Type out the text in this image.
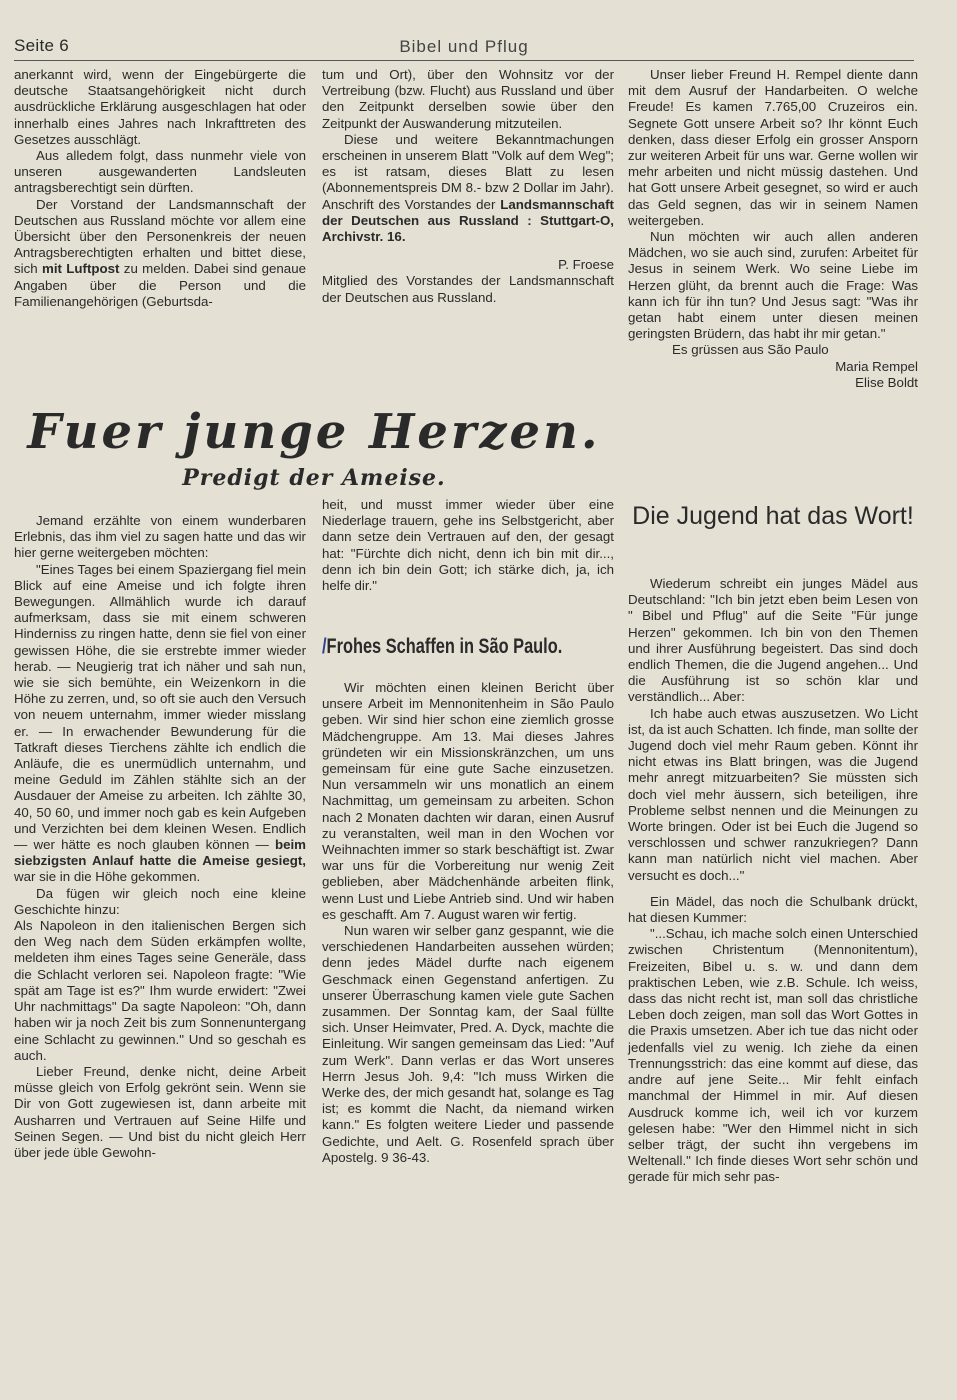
Seite 6	Bibel und Pflug

anerkannt wird, wenn der Eingebürgerte die deutsche Staatsangehörigkeit nicht durch ausdrückliche Erklärung ausgeschlagen hat oder innerhalb eines Jahres nach Inkrafttreten des Gesetzes ausschlägt.

Aus alledem folgt, dass nunmehr viele von unseren ausgewanderten Landsleuten antragsberechtigt sein dürften.

Der Vorstand der Landsmannschaft der Deutschen aus Russland möchte vor allem eine Übersicht über den Personenkreis der neuen Antragsberechtigten erhalten und bittet diese, sich mit Luftpost zu melden. Dabei sind genaue Angaben über die Person und die Familienangehörigen (Geburtsda-

tum und Ort), über den Wohnsitz vor der Vertreibung (bzw. Flucht) aus Russland und über den Zeitpunkt derselben sowie über den Zeitpunkt der Auswanderung mitzuteilen.

Diese und weitere Bekanntmachungen erscheinen in unserem Blatt "Volk auf dem Weg"; es ist ratsam, dieses Blatt zu lesen (Abonnementspreis DM 8.- bzw 2 Dollar im Jahr). Anschrift des Vorstandes der Landsmannschaft der Deutschen aus Russland : Stuttgart-O, Archivstr. 16.

P. Froese

Mitglied des Vorstandes der Landsmannschaft der Deutschen aus Russland.

Unser lieber Freund H. Rempel diente dann mit dem Ausruf der Handarbeiten. O welche Freude! Es kamen 7.765,00 Cruzeiros ein. Segnete Gott unsere Arbeit so? Ihr könnt Euch denken, dass dieser Erfolg ein grosser Ansporn zur weiteren Arbeit für uns war. Gerne wollen wir mehr arbeiten und nicht müssig dastehen. Und hat Gott unsere Arbeit gesegnet, so wird er auch das Geld segnen, das wir in seinem Namen weitergeben.

Nun möchten wir auch allen anderen Mädchen, wo sie auch sind, zurufen: Arbeitet für Jesus in seinem Werk. Wo seine Liebe im Herzen glüht, da brennt auch die Frage: Was kann ich für ihn tun? Und Jesus sagt: "Was ihr getan habt einem unter diesen meinen geringsten Brüdern, das habt ihr mir getan."

Es grüssen aus São Paulo

Maria Rempel

Elise Boldt

Fuer junge Herzen.
Predigt der Ameise.

Jemand erzählte von einem wunderbaren Erlebnis, das ihm viel zu sagen hatte und das wir hier gerne weitergeben möchten:

"Eines Tages bei einem Spaziergang fiel mein Blick auf eine Ameise und ich folgte ihren Bewegungen. Allmählich wurde ich darauf aufmerksam, dass sie mit einem schweren Hinderniss zu ringen hatte, denn sie fiel von einer gewissen Höhe, die sie erstrebte immer wieder herab. — Neugierig trat ich näher und sah nun, wie sie sich bemühte, ein Weizenkorn in die Höhe zu zerren, und, so oft sie auch den Versuch von neuem unternahm, immer wieder misslang er. — In erwachender Bewunderung für die Tatkraft dieses Tierchens zählte ich endlich die Anläufe, die es unermüdlich unternahm, und meine Geduld im Zählen stählte sich an der Ausdauer der Ameise zu arbeiten. Ich zählte 30, 40, 50 60, und immer noch gab es kein Aufgeben und Verzichten bei dem kleinen Wesen. Endlich — wer hätte es noch glauben können — beim siebzigsten Anlauf hatte die Ameise gesiegt, war sie in die Höhe gekommen.

Da fügen wir gleich noch eine kleine Geschichte hinzu:

Als Napoleon in den italienischen Bergen sich den Weg nach dem Süden erkämpfen wollte, meldeten ihm eines Tages seine Generäle, dass die Schlacht verloren sei. Napoleon fragte: "Wie spät am Tage ist es?" Ihm wurde erwidert: "Zwei Uhr nachmittags" Da sagte Napoleon: "Oh, dann haben wir ja noch Zeit bis zum Sonnenuntergang eine Schlacht zu gewinnen." Und so geschah es auch.

Lieber Freund, denke nicht, deine Arbeit müsse gleich von Erfolg gekrönt sein. Wenn sie Dir von Gott zugewiesen ist, dann arbeite mit Ausharren und Vertrauen auf Seine Hilfe und Seinen Segen. — Und bist du nicht gleich Herr über jede üble Gewohn-

heit, und musst immer wieder über eine Niederlage trauern, gehe ins Selbstgericht, aber dann setze dein Vertrauen auf den, der gesagt hat: "Fürchte dich nicht, denn ich bin mit dir..., denn ich bin dein Gott; ich stärke dich, ja, ich helfe dir."

/Frohes Schaffen in São Paulo.

Wir möchten einen kleinen Bericht über unsere Arbeit im Mennonitenheim in São Paulo geben. Wir sind hier schon eine ziemlich grosse Mädchengruppe. Am 13. Mai dieses Jahres gründeten wir ein Missionskränzchen, um uns gemeinsam für eine gute Sache einzusetzen. Nun versammeln wir uns monatlich an einem Nachmittag, um gemeinsam zu arbeiten. Schon nach 2 Monaten dachten wir daran, einen Ausruf zu veranstalten, weil man in den Wochen vor Weihnachten immer so stark beschäftigt ist. Zwar war uns für die Vorbereitung nur wenig Zeit geblieben, aber Mädchenhände arbeiten flink, wenn Lust und Liebe Antrieb sind. Und wir haben es geschafft. Am 7. August waren wir fertig.

Nun waren wir selber ganz gespannt, wie die verschiedenen Handarbeiten aussehen würden; denn jedes Mädel durfte nach eigenem Geschmack einen Gegenstand anfertigen. Zu unserer Überraschung kamen viele gute Sachen zusammen. Der Sonntag kam, der Saal füllte sich. Unser Heimvater, Pred. A. Dyck, machte die Einleitung. Wir sangen gemeinsam das Lied: "Auf zum Werk". Dann verlas er das Wort unseres Herrn Jesus Joh. 9,4: "Ich muss Wirken die Werke des, der mich gesandt hat, solange es Tag ist; es kommt die Nacht, da niemand wirken kann." Es folgten weitere Lieder und passende Gedichte, und Aelt. G. Rosenfeld sprach über Apostelg. 9 36-43.

Die Jugend hat das Wort!

Wiederum schreibt ein junges Mädel aus Deutschland: "Ich bin jetzt eben beim Lesen von " Bibel und Pflug" auf die Seite "Für junge Herzen" gekommen. Ich bin von den Themen und ihrer Ausführung begeistert. Das sind doch endlich Themen, die die Jugend angehen... Und die Ausführung ist so schön klar und verständlich... Aber:

Ich habe auch etwas auszusetzen. Wo Licht ist, da ist auch Schatten. Ich finde, man sollte der Jugend doch viel mehr Raum geben. Könnt ihr nicht etwas ins Blatt bringen, was die Jugend mehr anregt mitzuarbeiten? Sie müssten sich doch viel mehr äussern, sich beteiligen, ihre Probleme selbst nennen und die Meinungen zu Worte bringen. Oder ist bei Euch die Jugend so verschlossen und schwer ranzukriegen? Dann kann man natürlich nicht viel machen. Aber versucht es doch..."

Ein Mädel, das noch die Schulbank drückt, hat diesen Kummer:

"...Schau, ich mache solch einen Unterschied zwischen Christentum (Mennonitentum), Freizeiten, Bibel u. s. w. und dann dem praktischen Leben, wie z.B. Schule. Ich weiss, dass das nicht recht ist, man soll das christliche Leben doch zeigen, man soll das Wort Gottes in die Praxis umsetzen. Aber ich tue das nicht oder jedenfalls viel zu wenig. Ich ziehe da einen Trennungsstrich: das eine kommt auf diese, das andre auf jene Seite... Mir fehlt einfach manchmal der Himmel in mir. Auf diesen Ausdruck komme ich, weil ich vor kurzem gelesen habe: "Wer den Himmel nicht in sich selber trägt, der sucht ihn vergebens im Weltenall." Ich finde dieses Wort sehr schön und gerade für mich sehr pas-
